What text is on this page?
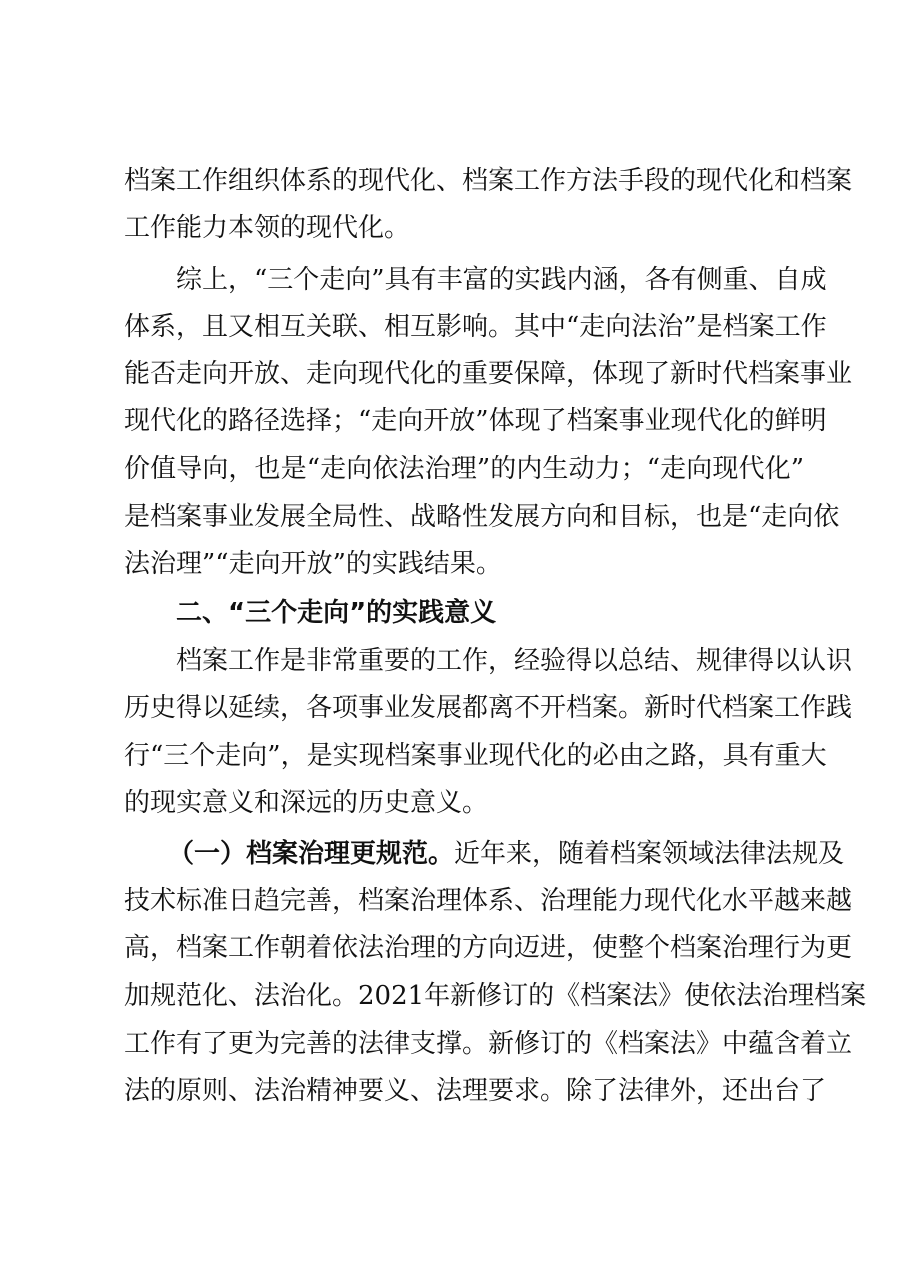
档案工作组织体系的现代化、档案工作方法手段的现代化和档案
工作能力本领的现代化。
综上，“三个走向”具有丰富的实践内涵，各有侧重、自成
体系，且又相互关联、相互影响。其中“走向法治”是档案工作
能否走向开放、走向现代化的重要保障，体现了新时代档案事业
现代化的路径选择；“走向开放”体现了档案事业现代化的鲜明
价值导向，也是“走向依法治理”的内生动力；“走向现代化”
是档案事业发展全局性、战略性发展方向和目标，也是“走向依
法治理”“走向开放”的实践结果。
二、“三个走向”的实践意义
档案工作是非常重要的工作，经验得以总结、规律得以认识
历史得以延续，各项事业发展都离不开档案。新时代档案工作践
行“三个走向”，是实现档案事业现代化的必由之路，具有重大
的现实意义和深远的历史意义。
（一）档案治理更规范。近年来，随着档案领域法律法规及
技术标准日趋完善，档案治理体系、治理能力现代化水平越来越
高，档案工作朝着依法治理的方向迈进，使整个档案治理行为更
加规范化、法治化。2021年新修订的《档案法》使依法治理档案
工作有了更为完善的法律支撑。新修订的《档案法》中蕴含着立
法的原则、法治精神要义、法理要求。除了法律外，还出台了
